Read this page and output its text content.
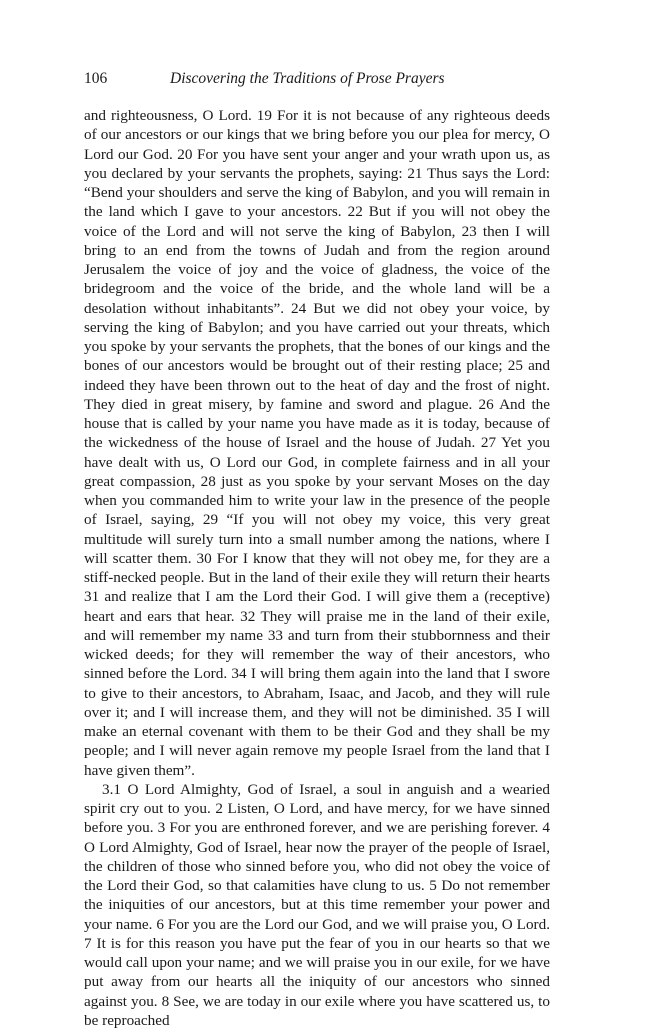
106	Discovering the Traditions of Prose Prayers

and righteousness, O Lord. 19 For it is not because of any righteous deeds of our ancestors or our kings that we bring before you our plea for mercy, O Lord our God. 20 For you have sent your anger and your wrath upon us, as you declared by your servants the prophets, saying: 21 Thus says the Lord: “Bend your shoulders and serve the king of Babylon, and you will remain in the land which I gave to your ancestors. 22 But if you will not obey the voice of the Lord and will not serve the king of Babylon, 23 then I will bring to an end from the towns of Judah and from the region around Jerusalem the voice of joy and the voice of gladness, the voice of the bridegroom and the voice of the bride, and the whole land will be a desolation without inhabitants”. 24 But we did not obey your voice, by serving the king of Babylon; and you have carried out your threats, which you spoke by your servants the prophets, that the bones of our kings and the bones of our ancestors would be brought out of their resting place; 25 and indeed they have been thrown out to the heat of day and the frost of night. They died in great misery, by famine and sword and plague. 26 And the house that is called by your name you have made as it is today, because of the wickedness of the house of Israel and the house of Judah. 27 Yet you have dealt with us, O Lord our God, in complete fairness and in all your great compassion, 28 just as you spoke by your servant Moses on the day when you commanded him to write your law in the presence of the people of Israel, saying, 29 “If you will not obey my voice, this very great multitude will surely turn into a small number among the nations, where I will scatter them. 30 For I know that they will not obey me, for they are a stiff-necked people. But in the land of their exile they will return their hearts 31 and realize that I am the Lord their God. I will give them a (receptive) heart and ears that hear. 32 They will praise me in the land of their exile, and will remember my name 33 and turn from their stubbornness and their wicked deeds; for they will remember the way of their ancestors, who sinned before the Lord. 34 I will bring them again into the land that I swore to give to their ancestors, to Abraham, Isaac, and Jacob, and they will rule over it; and I will increase them, and they will not be diminished. 35 I will make an eternal covenant with them to be their God and they shall be my people; and I will never again remove my people Israel from the land that I have given them”.

3.1 O Lord Almighty, God of Israel, a soul in anguish and a wearied spirit cry out to you. 2 Listen, O Lord, and have mercy, for we have sinned before you. 3 For you are enthroned forever, and we are perishing forever. 4 O Lord Almighty, God of Israel, hear now the prayer of the people of Israel, the children of those who sinned before you, who did not obey the voice of the Lord their God, so that calamities have clung to us. 5 Do not remember the iniquities of our ancestors, but at this time remember your power and your name. 6 For you are the Lord our God, and we will praise you, O Lord. 7 It is for this reason you have put the fear of you in our hearts so that we would call upon your name; and we will praise you in our exile, for we have put away from our hearts all the iniquity of our ancestors who sinned against you. 8 See, we are today in our exile where you have scattered us, to be reproached
